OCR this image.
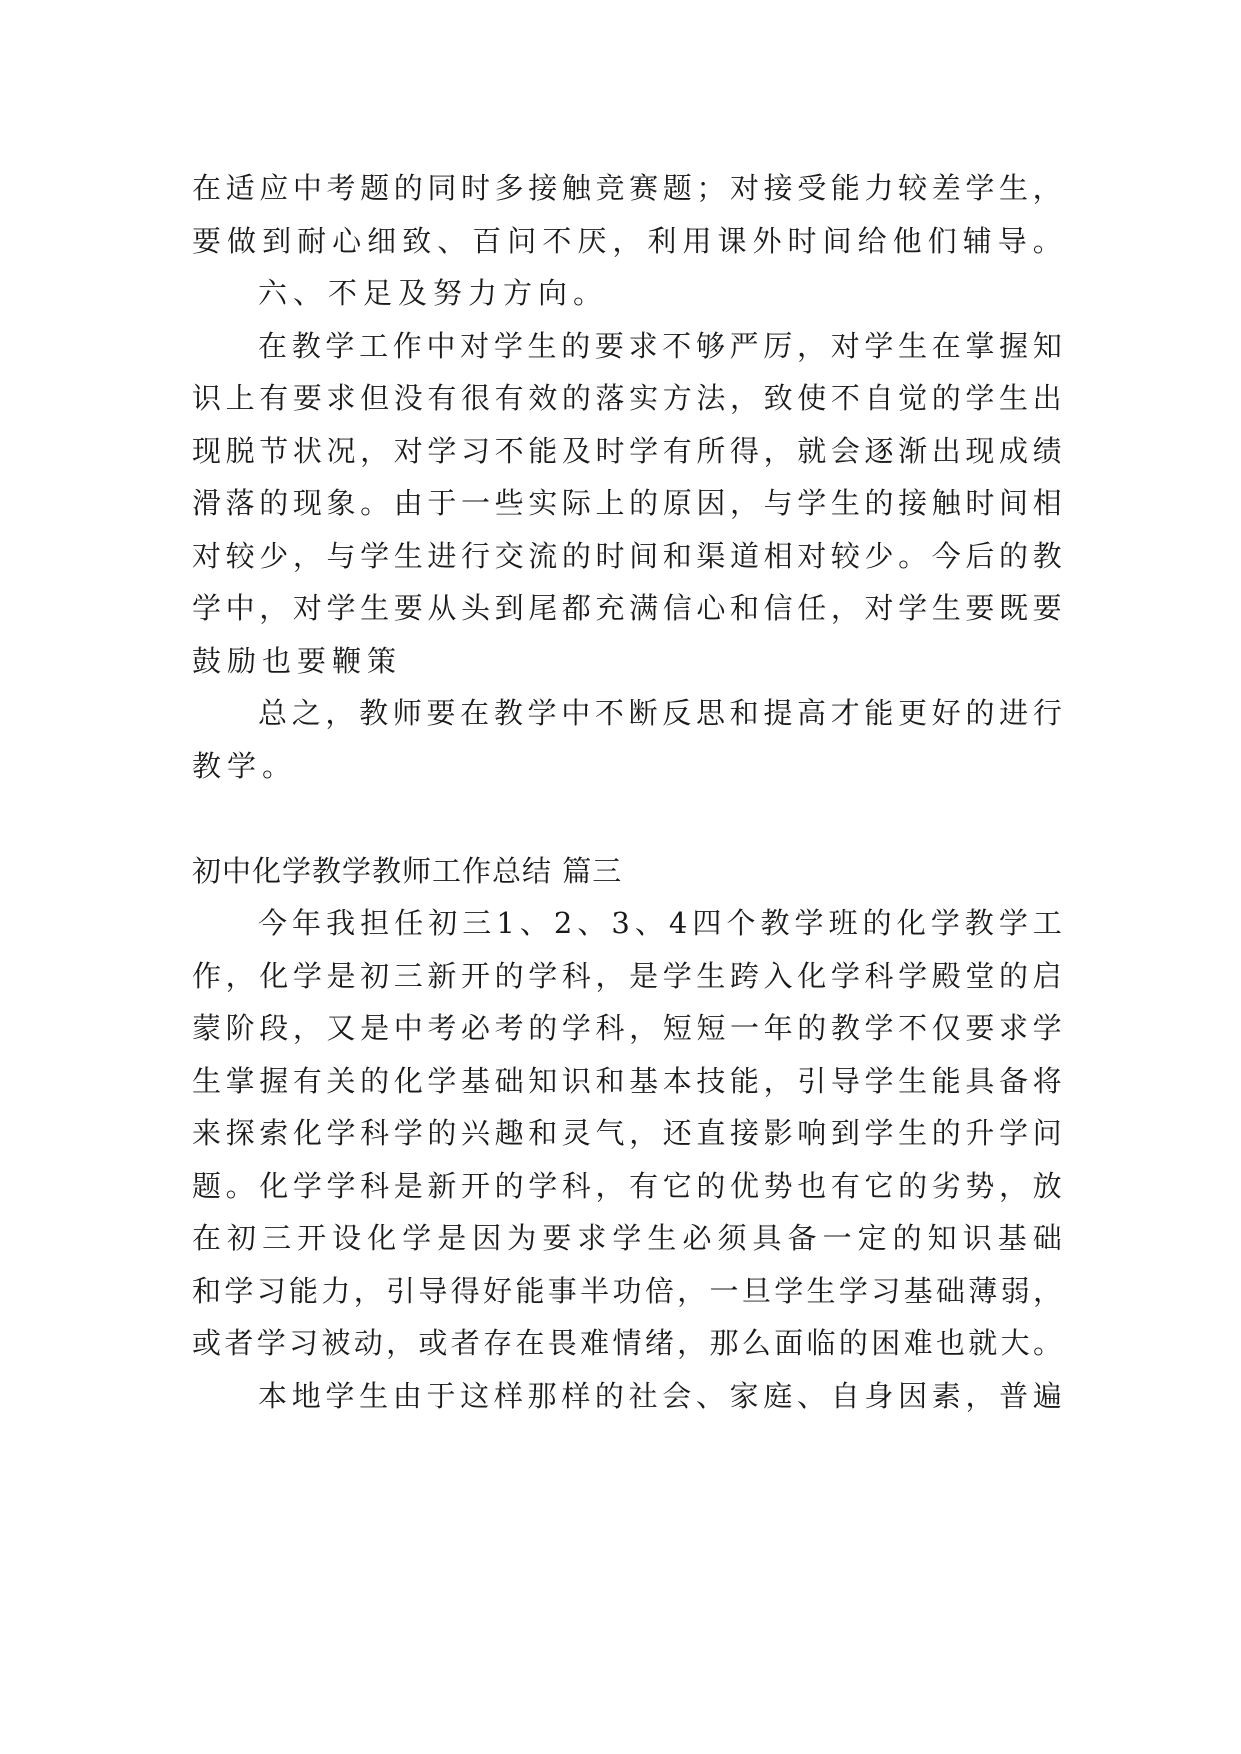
在 适 应 中 考 题 的 同 时 多 接 触 竞 赛 题 ； 对 接 受 能 力 较 差 学 生 ，
要 做 到 耐 心 细 致 、 百 问 不 厌 ， 利 用 课 外 时 间 给 他 们 辅 导 。
六、不足及努力方向。
在 教 学 工 作 中 对 学 生 的 要 求 不 够 严 厉 ， 对 学 生 在 掌 握 知
识 上 有 要 求 但 没 有 很 有 效 的 落 实 方 法 ， 致 使 不 自 觉 的 学 生 出
现 脱 节 状 况 ， 对 学 习 不 能 及 时 学 有 所 得 ， 就 会 逐 渐 出 现 成 绩
滑 落 的 现 象 。 由 于 一 些 实 际 上 的 原 因 ， 与 学 生 的 接 触 时 间 相
对 较 少 ， 与 学 生 进 行 交 流 的 时 间 和 渠 道 相 对 较 少 。 今 后 的 教
学 中 ， 对 学 生 要 从 头 到 尾 都 充 满 信 心 和 信 任 ， 对 学 生 要 既 要
鼓励也要鞭策
总 之 ， 教 师 要 在 教 学 中 不 断 反 思 和 提 高 才 能 更 好 的 进 行
教学。
初中化学教学教师工作总结 篇三
今 年 我 担 任 初 三 1 、 2 、 3 、 4 四 个 教 学 班 的 化 学 教 学 工
作 ， 化 学 是 初 三 新 开 的 学 科 ， 是 学 生 跨 入 化 学 科 学 殿 堂 的 启
蒙 阶 段 ， 又 是 中 考 必 考 的 学 科 ， 短 短 一 年 的 教 学 不 仅 要 求 学
生 掌 握 有 关 的 化 学 基 础 知 识 和 基 本 技 能 ， 引 导 学 生 能 具 备 将
来 探 索 化 学 科 学 的 兴 趣 和 灵 气 ， 还 直 接 影 响 到 学 生 的 升 学 问
题 。 化 学 学 科 是 新 开 的 学 科 ， 有 它 的 优 势 也 有 它 的 劣 势 ， 放
在 初 三 开 设 化 学 是 因 为 要 求 学 生 必 须 具 备 一 定 的 知 识 基 础
和 学 习 能 力 ， 引 导 得 好 能 事 半 功 倍 ， 一 旦 学 生 学 习 基 础 薄 弱 ，
或 者 学 习 被 动 ， 或 者 存 在 畏 难 情 绪 ， 那 么 面 临 的 困 难 也 就 大 。
本 地 学 生 由 于 这 样 那 样 的 社 会 、 家 庭 、 自 身 因 素 ， 普 遍
